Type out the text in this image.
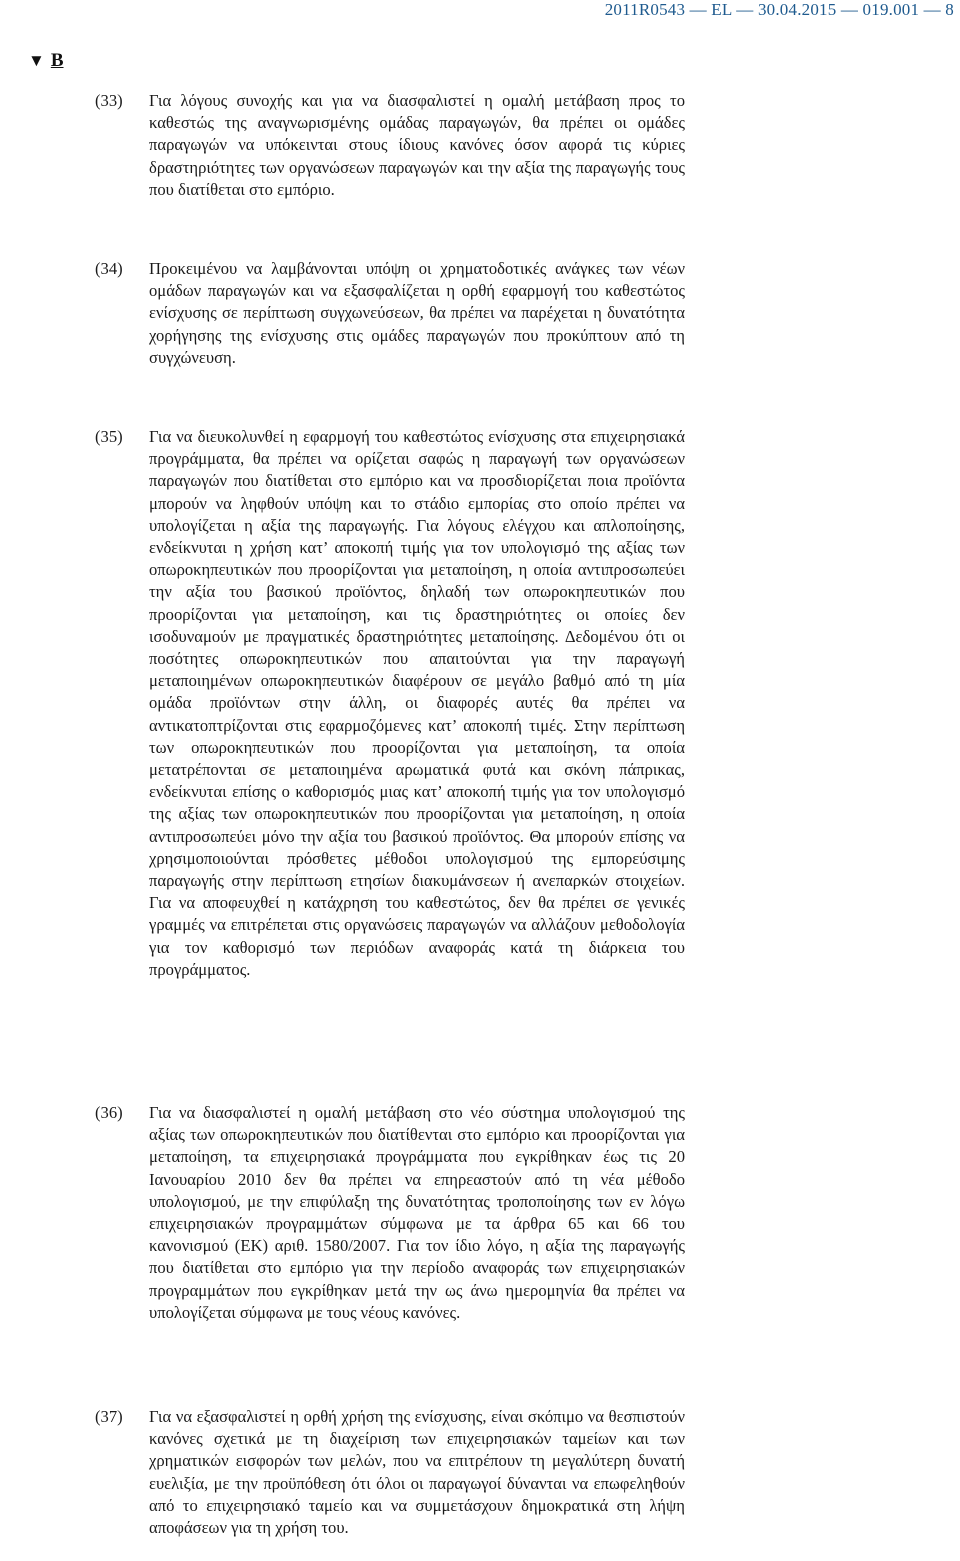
2011R0543 — EL — 30.04.2015 — 019.001 — 8
▼ B
(33) Για λόγους συνοχής και για να διασφαλιστεί η ομαλή μετάβαση προς το καθεστώς της αναγνωρισμένης ομάδας παραγωγών, θα πρέπει οι ομάδες παραγωγών να υπόκεινται στους ίδιους κανόνες όσον αφορά τις κύριες δραστηριότητες των οργανώσεων παραγωγών και την αξία της παραγωγής τους που διατίθεται στο εμπόριο.
(34) Προκειμένου να λαμβάνονται υπόψη οι χρηματοδοτικές ανάγκες των νέων ομάδων παραγωγών και να εξασφαλίζεται η ορθή εφαρμογή του καθεστώτος ενίσχυσης σε περίπτωση συγχωνεύσεων, θα πρέπει να παρέχεται η δυνατότητα χορήγησης της ενίσχυσης στις ομάδες παραγωγών που προκύπτουν από τη συγχώνευση.
(35) Για να διευκολυνθεί η εφαρμογή του καθεστώτος ενίσχυσης στα επιχειρησιακά προγράμματα, θα πρέπει να ορίζεται σαφώς η παραγωγή των οργανώσεων παραγωγών που διατίθεται στο εμπόριο και να προσδιορίζεται ποια προϊόντα μπορούν να ληφθούν υπόψη και το στάδιο εμπορίας στο οποίο πρέπει να υπολογίζεται η αξία της παραγωγής. Για λόγους ελέγχου και απλοποίησης, ενδείκνυται η χρήση κατ’ αποκοπή τιμής για τον υπολογισμό της αξίας των οπωροκηπευτικών που προορίζονται για μεταποίηση, η οποία αντιπροσωπεύει την αξία του βασικού προϊόντος, δηλαδή των οπωροκηπευτικών που προορίζονται για μεταποίηση, και τις δραστηριότητες οι οποίες δεν ισοδυναμούν με πραγματικές δραστηριότητες μεταποίησης. Δεδομένου ότι οι ποσότητες οπωροκηπευτικών που απαιτούνται για την παραγωγή μεταποιημένων οπωροκηπευτικών διαφέρουν σε μεγάλο βαθμό από τη μία ομάδα προϊόντων στην άλλη, οι διαφορές αυτές θα πρέπει να αντικατοπτρίζονται στις εφαρμοζόμενες κατ’ αποκοπή τιμές. Στην περίπτωση των οπωροκηπευτικών που προορίζονται για μεταποίηση, τα οποία μετατρέπονται σε μεταποιημένα αρωματικά φυτά και σκόνη πάπρικας, ενδείκνυται επίσης ο καθορισμός μιας κατ’ αποκοπή τιμής για τον υπολογισμό της αξίας των οπωροκηπευτικών που προορίζονται για μεταποίηση, η οποία αντιπροσωπεύει μόνο την αξία του βασικού προϊόντος. Θα μπορούν επίσης να χρησιμοποιούνται πρόσθετες μέθοδοι υπολογισμού της εμπορεύσιμης παραγωγής στην περίπτωση ετησίων διακυμάνσεων ή ανεπαρκών στοιχείων. Για να αποφευχθεί η κατάχρηση του καθεστώτος, δεν θα πρέπει σε γενικές γραμμές να επιτρέπεται στις οργανώσεις παραγωγών να αλλάζουν μεθοδολογία για τον καθορισμό των περιόδων αναφοράς κατά τη διάρκεια του προγράμματος.
(36) Για να διασφαλιστεί η ομαλή μετάβαση στο νέο σύστημα υπολογισμού της αξίας των οπωροκηπευτικών που διατίθενται στο εμπόριο και προορίζονται για μεταποίηση, τα επιχειρησιακά προγράμματα που εγκρίθηκαν έως τις 20 Ιανουαρίου 2010 δεν θα πρέπει να επηρεαστούν από τη νέα μέθοδο υπολογισμού, με την επιφύλαξη της δυνατότητας τροποποίησης των εν λόγω επιχειρησιακών προγραμμάτων σύμφωνα με τα άρθρα 65 και 66 του κανονισμού (ΕΚ) αριθ. 1580/2007. Για τον ίδιο λόγο, η αξία της παραγωγής που διατίθεται στο εμπόριο για την περίοδο αναφοράς των επιχειρησιακών προγραμμάτων που εγκρίθηκαν μετά την ως άνω ημερομηνία θα πρέπει να υπολογίζεται σύμφωνα με τους νέους κανόνες.
(37) Για να εξασφαλιστεί η ορθή χρήση της ενίσχυσης, είναι σκόπιμο να θεσπιστούν κανόνες σχετικά με τη διαχείριση των επιχειρησιακών ταμείων και των χρηματικών εισφορών των μελών, που να επιτρέπουν τη μεγαλύτερη δυνατή ευελιξία, με την προϋπόθεση ότι όλοι οι παραγωγοί δύνανται να επωφεληθούν από το επιχειρησιακό ταμείο και να συμμετάσχουν δημοκρατικά στη λήψη αποφάσεων για τη χρήση του.
